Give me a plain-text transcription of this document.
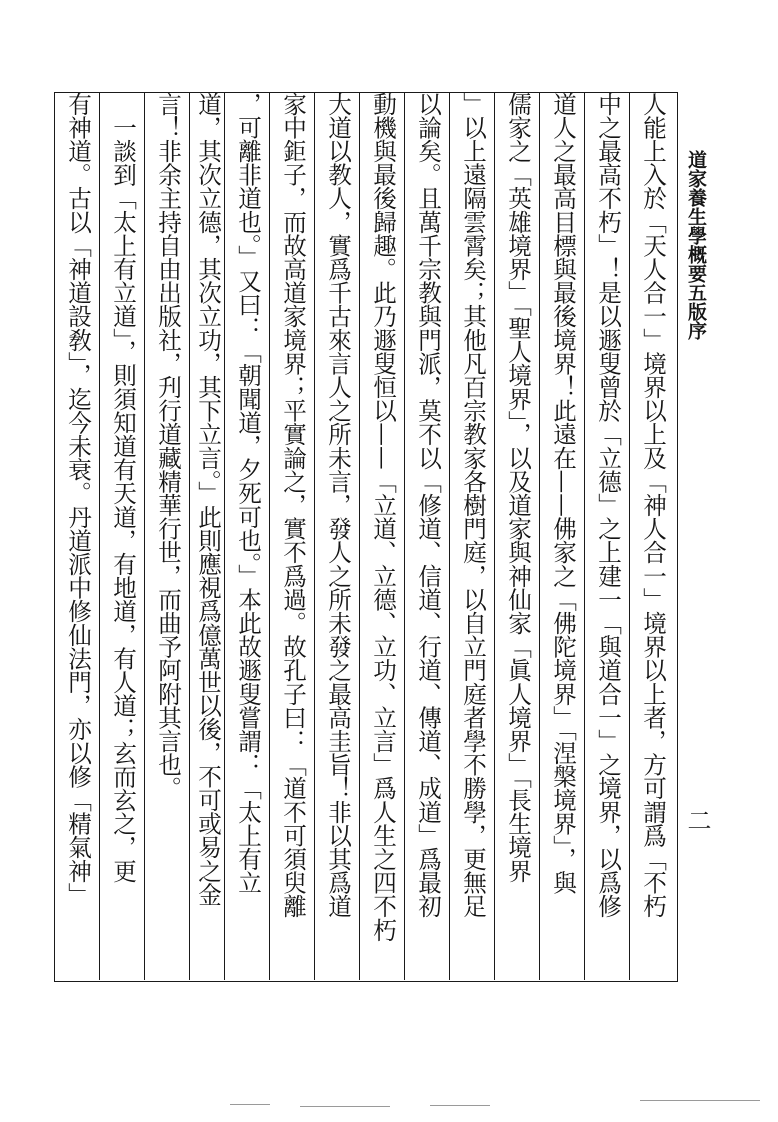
道家養生學概要五版序
二
人能上入於「天人合一」境界以上及「神人合一」境界以上者，方可謂爲「不朽
中之最高不朽」！是以遯叟曾於「立德」之上建一「與道合一」之境界，以爲修
道人之最高目標與最後境界！此遠在——佛家之「佛陀境界」「涅槃境界」，與
儒家之「英雄境界」「聖人境界」，以及道家與神仙家「眞人境界」「長生境界
」以上遠隔雲霄矣；其他凡百宗教家各樹門庭，以自立門庭者學不勝學，更無足
以論矣。且萬千宗教與門派，莫不以「修道、信道、行道、傳道、成道」爲最初
動機與最後歸趣。此乃遯叟恒以——「立道、立德、立功、立言」爲人生之四不朽
大道以教人，實爲千古來言人之所未言，發人之所未發之最高圭旨！非以其爲道
家中鉅子，而故高道家境界；平實論之，實不爲過。故孔子曰：「道不可須臾離
，可離非道也。」又曰：「朝聞道，夕死可也。」本此故遯叟嘗謂：「太上有立
道，其次立德，其次立功，其下立言。」此則應視爲億萬世以後，不可或易之金
言！非余主持自由出版社，刋行道藏精華行世，而曲予阿附其言也。
　一談到「太上有立道」，則須知道有天道，有地道，有人道；玄而玄之，更
有神道。古以「神道設敎」，迄今未衰。丹道派中修仙法門，亦以修「精氣神」
